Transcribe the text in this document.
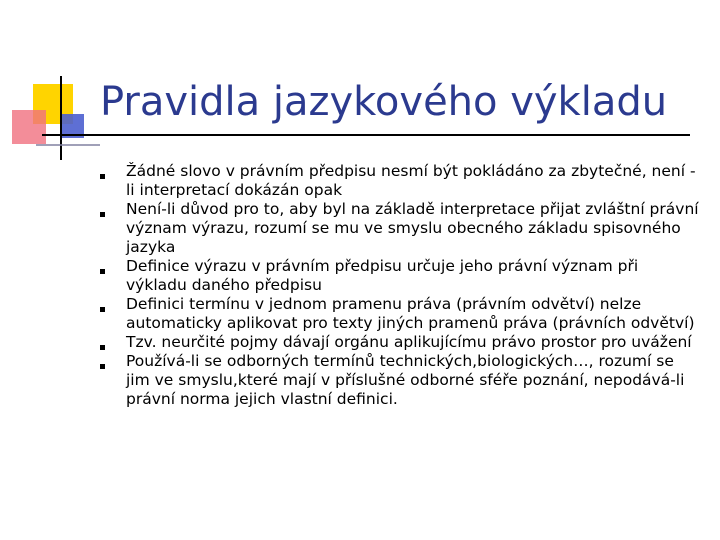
Pravidla jazykového výkladu
Žádné slovo v právním předpisu nesmí být pokládáno za zbytečné, není -li interpretací dokázán opak
Není-li důvod pro to, aby byl na základě interpretace přijat zvláštní právní význam výrazu, rozumí se mu ve smyslu obecného základu spisovného jazyka
Definice výrazu v právním předpisu určuje jeho právní význam při výkladu daného předpisu
Definici termínu v jednom pramenu práva (právním odvětví) nelze automaticky aplikovat pro texty jiných pramenů práva (právních odvětví)
Tzv. neurčité pojmy dávají orgánu aplikujícímu právo prostor pro uvážení
Používá-li se odborných termínů technických,biologických…, rozumí se jim ve smyslu,které mají v příslušné odborné sféře poznání, nepodává-li právní norma jejich vlastní definici.
